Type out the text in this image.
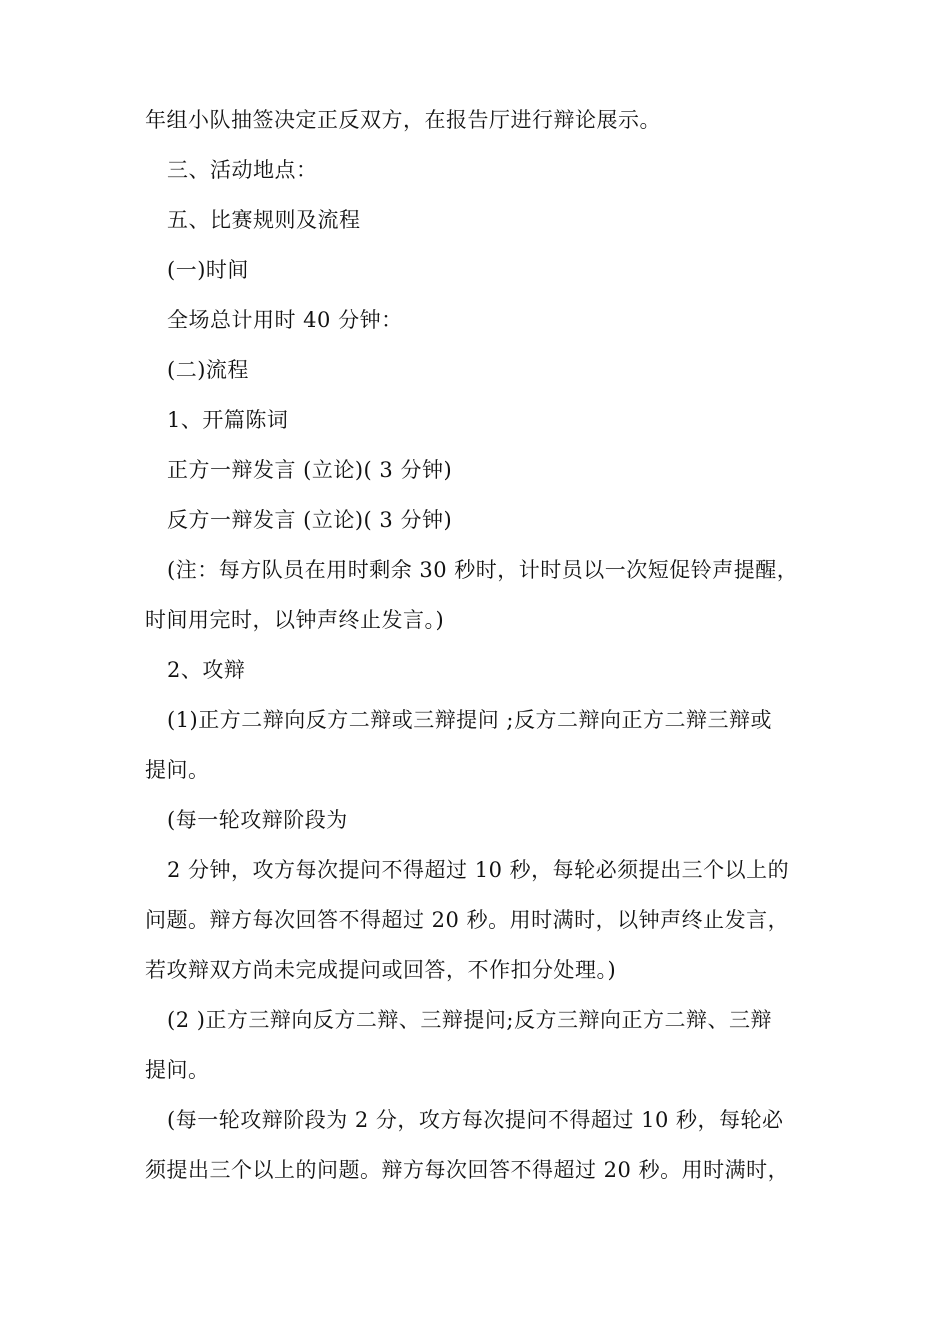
年组小队抽签决定正反双方，在报告厅进行辩论展示。

三、活动地点：

五、比赛规则及流程

(一)时间

全场总计用时 40 分钟：

(二)流程

1、开篇陈词

正方一辩发言 (立论)( 3 分钟)

反方一辩发言 (立论)( 3 分钟)

(注：每方队员在用时剩余 30 秒时，计时员以一次短促铃声提醒，

时间用完时，以钟声终止发言。)

2、攻辩

(1)正方二辩向反方二辩或三辩提问 ;反方二辩向正方二辩三辩或

提问。

(每一轮攻辩阶段为

2 分钟，攻方每次提问不得超过 10 秒，每轮必须提出三个以上的

问题。辩方每次回答不得超过 20 秒。用时满时，以钟声终止发言，

若攻辩双方尚未完成提问或回答，不作扣分处理。)

(2 )正方三辩向反方二辩、三辩提问;反方三辩向正方二辩、三辩

提问。

(每一轮攻辩阶段为 2 分，攻方每次提问不得超过 10 秒，每轮必

须提出三个以上的问题。辩方每次回答不得超过 20 秒。用时满时，
